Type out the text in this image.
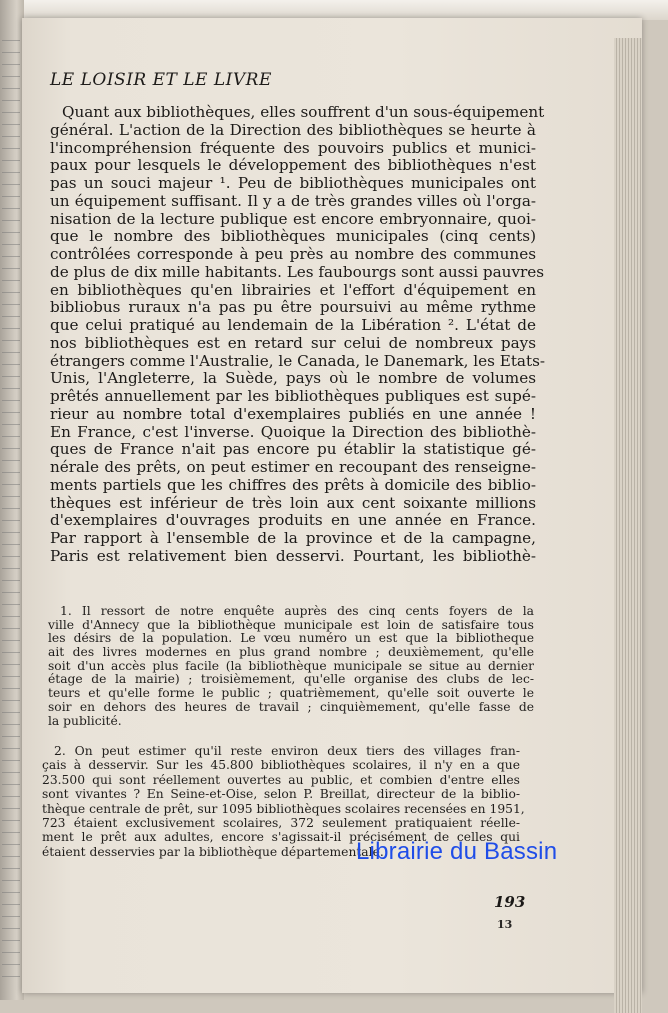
LE LOISIR ET LE LIVRE
Quant aux bibliothèques, elles souffrent d'un sous-équipement
général. L'action de la Direction des bibliothèques se heurte à
l'incompréhension fréquente des pouvoirs publics et munici-
paux pour lesquels le développement des bibliothèques n'est
pas un souci majeur ¹. Peu de bibliothèques municipales ont
un équipement suffisant. Il y a de très grandes villes où l'orga-
nisation de la lecture publique est encore embryonnaire, quoi-
que le nombre des bibliothèques municipales (cinq cents)
contrôlées corresponde à peu près au nombre des communes
de plus de dix mille habitants. Les faubourgs sont aussi pauvres
en bibliothèques qu'en librairies et l'effort d'équipement en
bibliobus ruraux n'a pas pu être poursuivi au même rythme
que celui pratiqué au lendemain de la Libération ². L'état de
nos bibliothèques est en retard sur celui de nombreux pays
étrangers comme l'Australie, le Canada, le Danemark, les Etats-
Unis, l'Angleterre, la Suède, pays où le nombre de volumes
prêtés annuellement par les bibliothèques publiques est supé-
rieur au nombre total d'exemplaires publiés en une année !
En France, c'est l'inverse. Quoique la Direction des bibliothè-
ques de France n'ait pas encore pu établir la statistique gé-
nérale des prêts, on peut estimer en recoupant des renseigne-
ments partiels que les chiffres des prêts à domicile des biblio-
thèques est inférieur de très loin aux cent soixante millions
d'exemplaires d'ouvrages produits en une année en France.
Par rapport à l'ensemble de la province et de la campagne,
Paris est relativement bien desservi. Pourtant, les bibliothè-
1. Il ressort de notre enquête auprès des cinq cents foyers de la
ville d'Annecy que la bibliothèque municipale est loin de satisfaire tous
les désirs de la population. Le vœu numéro un est que la bibliotheque
ait des livres modernes en plus grand nombre ; deuxièmement, qu'elle
soit d'un accès plus facile (la bibliothèque municipale se situe au dernier
étage de la mairie) ; troisièmement, qu'elle organise des clubs de lec-
teurs et qu'elle forme le public ; quatrièmement, qu'elle soit ouverte le
soir en dehors des heures de travail ; cinquièmement, qu'elle fasse de
la publicité.
2. On peut estimer qu'il reste environ deux tiers des villages fran-
çais à desservir. Sur les 45.800 bibliothèques scolaires, il n'y en a que
23.500 qui sont réellement ouvertes au public, et combien d'entre elles
sont vivantes ? En Seine-et-Oise, selon P. Breillat, directeur de la biblio-
thèque centrale de prêt, sur 1095 bibliothèques scolaires recensées en 1951,
723 étaient exclusivement scolaires, 372 seulement pratiquaient réelle-
ment le prêt aux adultes, encore s'agissait-il précisément de celles qui
étaient desservies par la bibliothèque départementale.
193
13
Librairie du Bassin
